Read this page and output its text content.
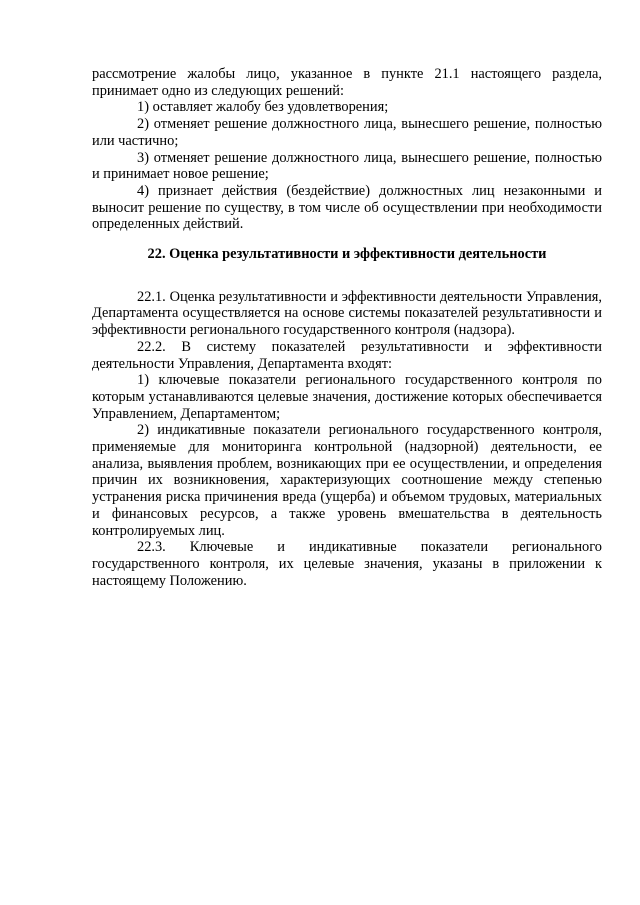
рассмотрение жалобы лицо, указанное в пункте 21.1 настоящего раздела, принимает одно из следующих решений:

1) оставляет жалобу без удовлетворения;

2) отменяет решение должностного лица, вынесшего решение, полностью или частично;

3) отменяет решение должностного лица, вынесшего решение, полностью и принимает новое решение;

4) признает действия (бездействие) должностных лиц незаконными и выносит решение по существу, в том числе об осуществлении при необходимости определенных действий.

22. Оценка результативности и эффективности деятельности

22.1. Оценка результативности и эффективности деятельности Управления, Департамента осуществляется на основе системы показателей результативности и эффективности регионального государственного контроля (надзора).

22.2. В систему показателей результативности и эффективности деятельности Управления, Департамента входят:

1) ключевые показатели регионального государственного контроля по которым устанавливаются целевые значения, достижение которых обеспечивается Управлением, Департаментом;

2) индикативные показатели регионального государственного контроля, применяемые для мониторинга контрольной (надзорной) деятельности, ее анализа, выявления проблем, возникающих при ее осуществлении, и определения причин их возникновения, характеризующих соотношение между степенью устранения риска причинения вреда (ущерба) и объемом трудовых, материальных и финансовых ресурсов, а также уровень вмешательства в деятельность контролируемых лиц.

22.3. Ключевые и индикативные показатели регионального государственного контроля, их целевые значения, указаны в приложении к настоящему Положению.
